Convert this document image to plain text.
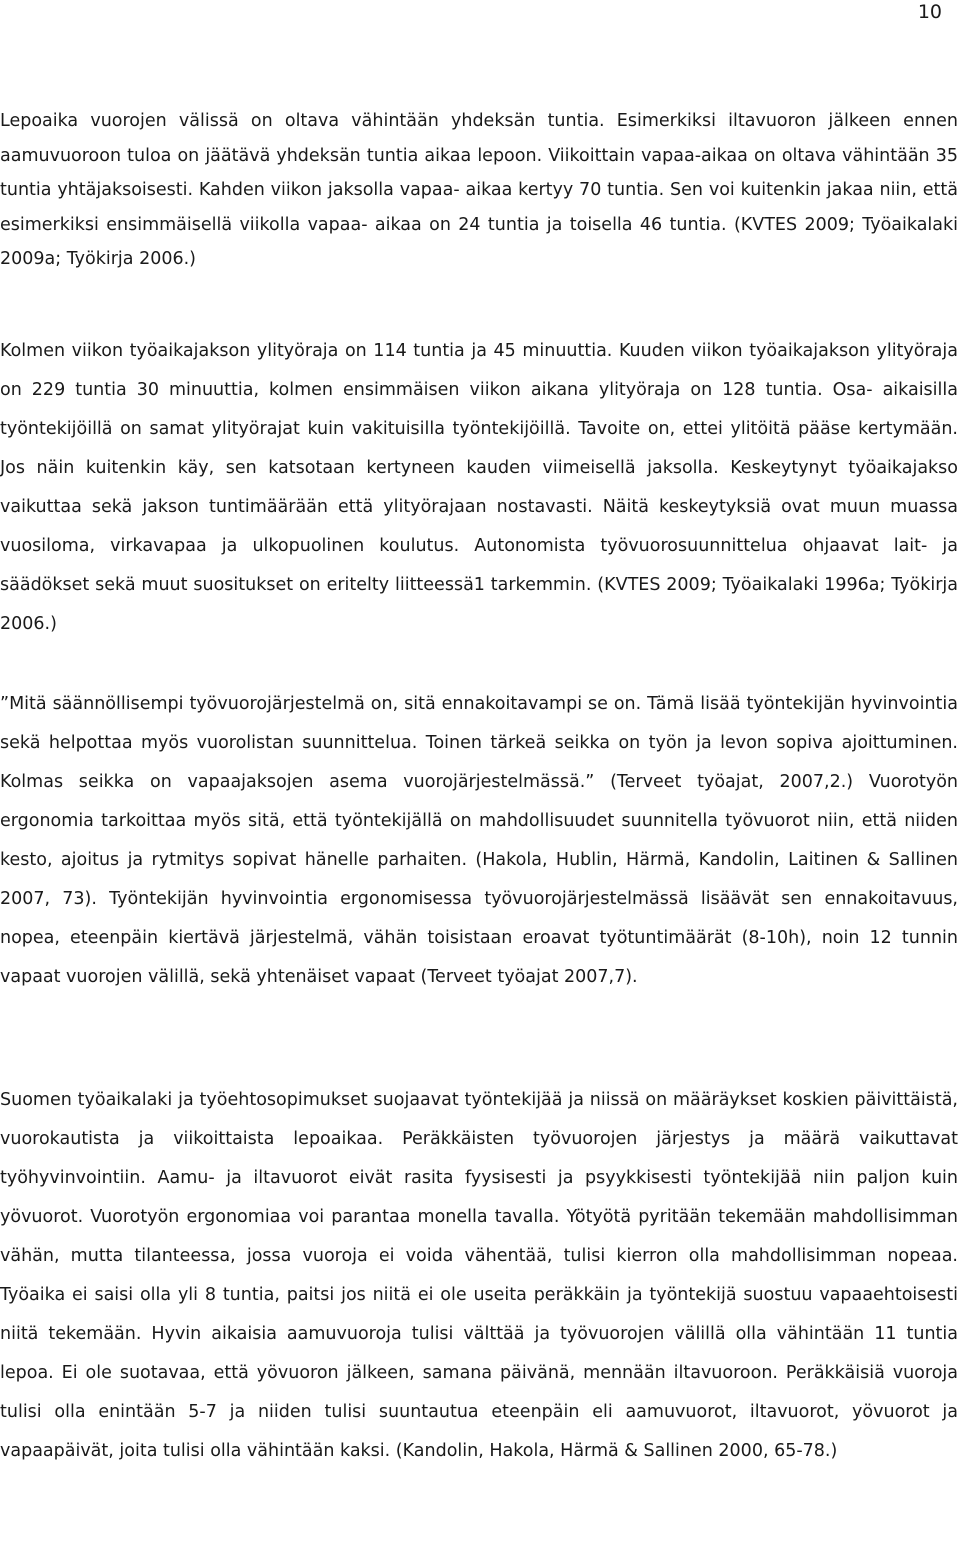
10

Lepoaika vuorojen välissä on oltava vähintään yhdeksän tuntia. Esimerkiksi iltavuoron jälkeen ennen aamuvuoroon tuloa on jäätävä yhdeksän tuntia aikaa lepoon. Viikoittain vapaa-aikaa on oltava vähintään 35 tuntia yhtäjaksoisesti. Kahden viikon jaksolla vapaa- aikaa kertyy 70 tuntia. Sen voi kuitenkin jakaa niin, että esimerkiksi ensimmäisellä viikolla vapaa- aikaa on 24 tuntia ja toisella 46 tuntia. (KVTES 2009; Työaikalaki 2009a; Työkirja 2006.)

Kolmen viikon työaikajakson ylityöraja on 114 tuntia ja 45 minuuttia. Kuuden viikon työaikajakson ylityöraja on 229 tuntia 30 minuuttia, kolmen ensimmäisen viikon aikana ylityöraja on 128 tuntia. Osa- aikaisilla työntekijöillä on samat ylityörajat kuin vakituisilla työntekijöillä. Tavoite on, ettei ylitöitä pääse kertymään. Jos näin kuitenkin käy, sen katsotaan kertyneen kauden viimeisellä jaksolla. Keskeytynyt työaikajakso vaikuttaa sekä jakson tuntimäärään että ylityörajaan nostavasti. Näitä keskeytyksiä ovat muun muassa vuosiloma, virkavapaa ja ulkopuolinen koulutus. Autonomista työvuorosuunnittelua ohjaavat lait- ja säädökset sekä muut suositukset on eritelty liitteessä1 tarkemmin. (KVTES 2009; Työaikalaki 1996a; Työkirja 2006.)

”Mitä säännöllisempi työvuorojärjestelmä on, sitä ennakoitavampi se on. Tämä lisää työntekijän hyvinvointia sekä helpottaa myös vuorolistan suunnittelua. Toinen tärkeä seikka on työn ja levon sopiva ajoittuminen. Kolmas seikka on vapaajaksojen asema vuorojärjestelmässä.” (Terveet työajat, 2007,2.) Vuorotyön ergonomia tarkoittaa myös sitä, että työntekijällä on mahdollisuudet suunnitella työvuorot niin, että niiden kesto, ajoitus ja rytmitys sopivat hänelle parhaiten. (Hakola, Hublin, Härmä, Kandolin, Laitinen & Sallinen 2007, 73). Työntekijän hyvinvointia ergonomisessa työvuorojärjestelmässä lisäävät sen ennakoitavuus, nopea, eteenpäin kiertävä järjestelmä, vähän toisistaan eroavat työtuntimäärät (8-10h), noin 12 tunnin vapaat vuorojen välillä, sekä yhtenäiset vapaat (Terveet työajat 2007,7).

Suomen työaikalaki ja työehtosopimukset suojaavat työntekijää ja niissä on määräykset koskien päivittäistä, vuorokautista ja viikoittaista lepoaikaa. Peräkkäisten työvuorojen järjestys ja määrä vaikuttavat työhyvinvointiin. Aamu- ja iltavuorot eivät rasita fyysisesti ja psyykkisesti työntekijää niin paljon kuin yövuorot. Vuorotyön ergonomiaa voi parantaa monella tavalla. Yötyötä pyritään tekemään mahdollisimman vähän, mutta tilanteessa, jossa vuoroja ei voida vähentää, tulisi kierron olla mahdollisimman nopeaa. Työaika ei saisi olla yli 8 tuntia, paitsi jos niitä ei ole useita peräkkäin ja työntekijä suostuu vapaaehtoisesti niitä tekemään. Hyvin aikaisia aamuvuoroja tulisi välttää ja työvuorojen välillä olla vähintään 11 tuntia lepoa. Ei ole suotavaa, että yövuoron jälkeen, samana päivänä, mennään iltavuoroon. Peräkkäisiä vuoroja tulisi olla enintään 5-7 ja niiden tulisi suuntautua eteenpäin eli aamuvuorot, iltavuorot, yövuorot ja vapaapäivät, joita tulisi olla vähintään kaksi. (Kandolin, Hakola, Härmä & Sallinen 2000, 65-78.)
